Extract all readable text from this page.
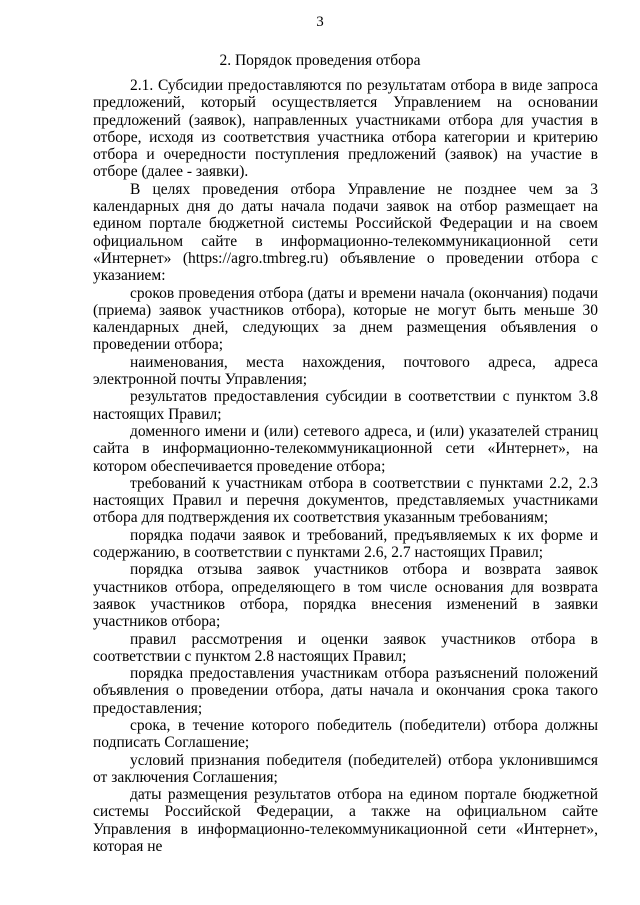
3
2. Порядок проведения отбора

2.1. Субсидии предоставляются по результатам отбора в виде запроса предложений, который осуществляется Управлением на основании предложений (заявок), направленных участниками отбора для участия в отборе, исходя из соответствия участника отбора категории и критерию отбора и очередности поступления предложений (заявок) на участие в отборе (далее - заявки).

В целях проведения отбора Управление не позднее чем за 3 календарных дня до даты начала подачи заявок на отбор размещает на едином портале бюджетной системы Российской Федерации и на своем официальном сайте в информационно-телекоммуникационной сети «Интернет» (https://agro.tmbreg.ru) объявление о проведении отбора с указанием:

сроков проведения отбора (даты и времени начала (окончания) подачи (приема) заявок участников отбора), которые не могут быть меньше 30 календарных дней, следующих за днем размещения объявления о проведении отбора;

наименования, места нахождения, почтового адреса, адреса электронной почты Управления;

результатов предоставления субсидии в соответствии с пунктом 3.8 настоящих Правил;

доменного имени и (или) сетевого адреса, и (или) указателей страниц сайта в информационно-телекоммуникационной сети «Интернет», на котором обеспечивается проведение отбора;

требований к участникам отбора в соответствии с пунктами 2.2, 2.3 настоящих Правил и перечня документов, представляемых участниками отбора для подтверждения их соответствия указанным требованиям;

порядка подачи заявок и требований, предъявляемых к их форме и содержанию, в соответствии с пунктами 2.6, 2.7 настоящих Правил;

порядка отзыва заявок участников отбора и возврата заявок участников отбора, определяющего в том числе основания для возврата заявок участников отбора, порядка внесения изменений в заявки участников отбора;

правил рассмотрения и оценки заявок участников отбора в соответствии с пунктом 2.8 настоящих Правил;

порядка предоставления участникам отбора разъяснений положений объявления о проведении отбора, даты начала и окончания срока такого предоставления;

срока, в течение которого победитель (победители) отбора должны подписать Соглашение;

условий признания победителя (победителей) отбора уклонившимся от заключения Соглашения;

даты размещения результатов отбора на едином портале бюджетной системы Российской Федерации, а также на официальном сайте Управления в информационно-телекоммуникационной сети «Интернет», которая не
